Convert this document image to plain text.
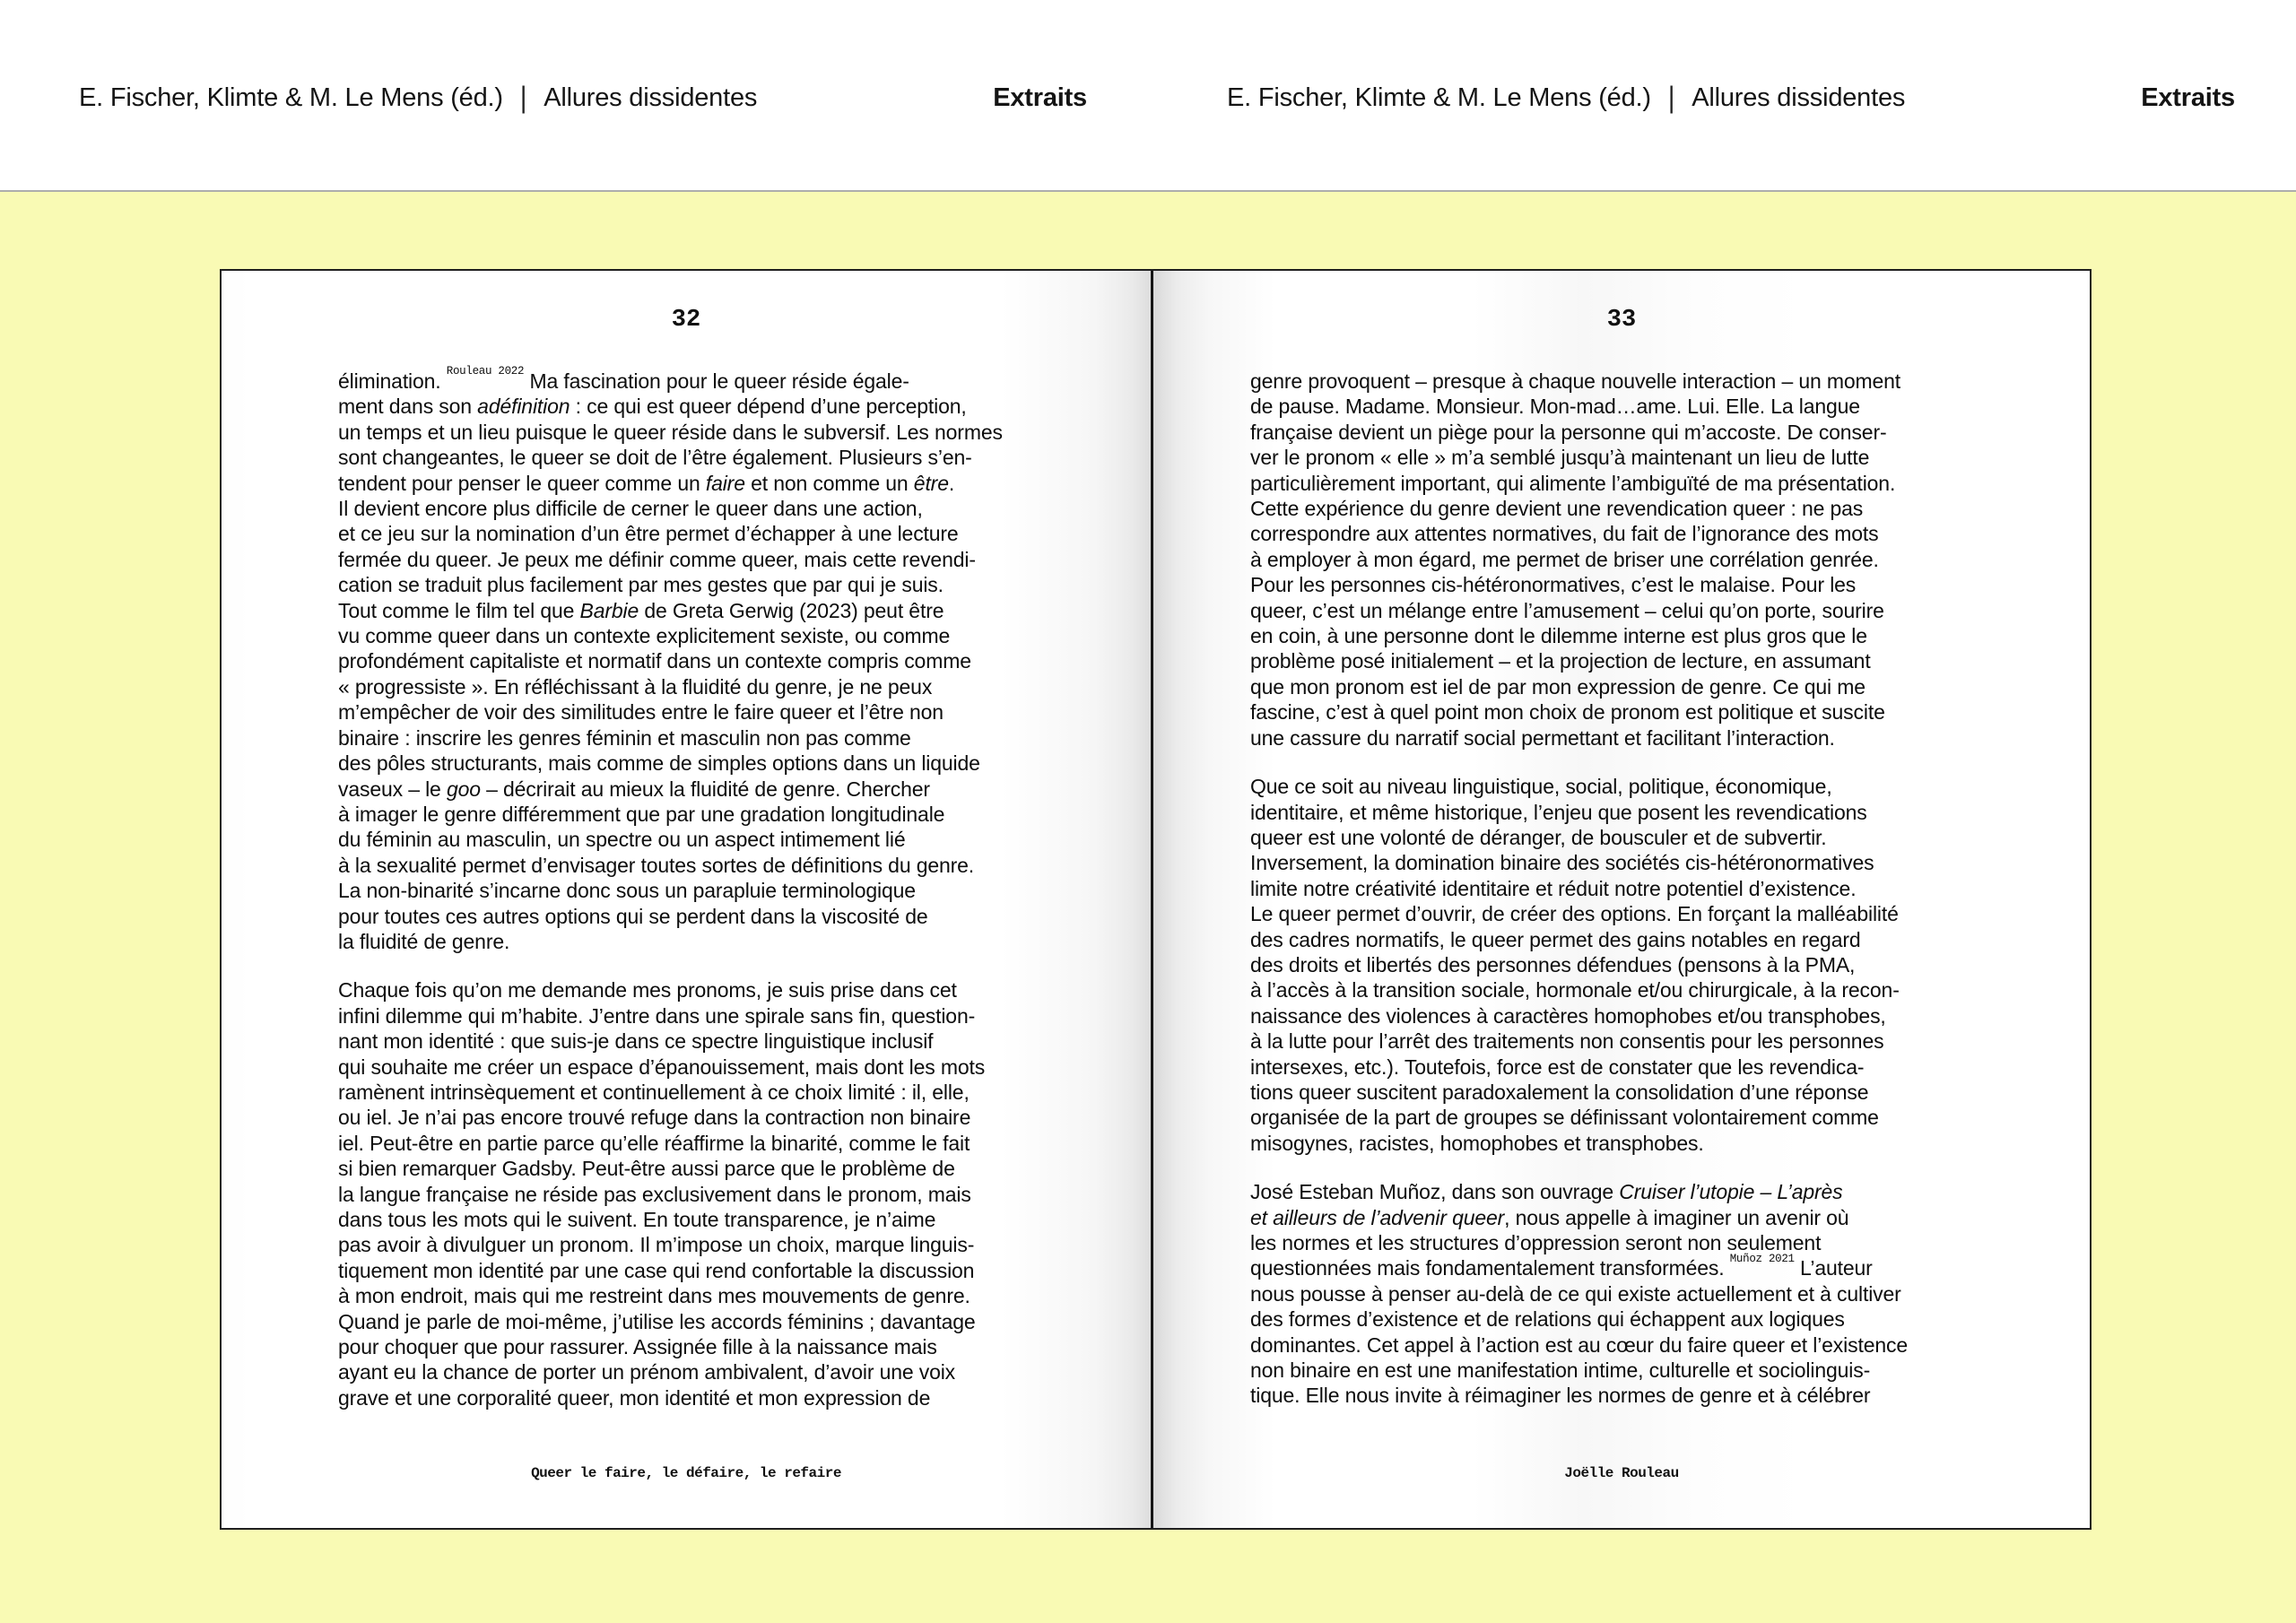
E. Fischer, Klimte & M. Le Mens (éd.) | Allures dissidentes	Extraits	E. Fischer, Klimte & M. Le Mens (éd.) | Allures dissidentes	Extraits
32
élimination. $^{Rouleau 2022}$ Ma fascination pour le queer réside égale-
ment dans son adéfinition : ce qui est queer dépend d’une perception,
un temps et un lieu puisque le queer réside dans le subversif. Les normes
sont changeantes, le queer se doit de l’être également. Plusieurs s’en-
tendent pour penser le queer comme un faire et non comme un être.
Il devient encore plus difficile de cerner le queer dans une action,
et ce jeu sur la nomination d’un être permet d’échapper à une lecture
fermée du queer. Je peux me définir comme queer, mais cette revendi-
cation se traduit plus facilement par mes gestes que par qui je suis.
Tout comme le film tel que Barbie de Greta Gerwig (2023) peut être
vu comme queer dans un contexte explicitement sexiste, ou comme
profondément capitaliste et normatif dans un contexte compris comme
« progressiste ». En réfléchissant à la fluidité du genre, je ne peux
m’empêcher de voir des similitudes entre le faire queer et l’être non
binaire : inscrire les genres féminin et masculin non pas comme
des pôles structurants, mais comme de simples options dans un liquide
vaseux – le goo – décrirait au mieux la fluidité de genre. Chercher
à imager le genre différemment que par une gradation longitudinale
du féminin au masculin, un spectre ou un aspect intimement lié
à la sexualité permet d’envisager toutes sortes de définitions du genre.
La non-binarité s’incarne donc sous un parapluie terminologique
pour toutes ces autres options qui se perdent dans la viscosité de
la fluidité de genre.
Chaque fois qu’on me demande mes pronoms, je suis prise dans cet
infini dilemme qui m’habite. J’entre dans une spirale sans fin, question-
nant mon identité : que suis-je dans ce spectre linguistique inclusif
qui souhaite me créer un espace d’épanouissement, mais dont les mots
ramènent intrinsèquement et continuellement à ce choix limité : il, elle,
ou iel. Je n’ai pas encore trouvé refuge dans la contraction non binaire
iel. Peut-être en partie parce qu’elle réaffirme la binarité, comme le fait
si bien remarquer Gadsby. Peut-être aussi parce que le problème de
la langue française ne réside pas exclusivement dans le pronom, mais
dans tous les mots qui le suivent. En toute transparence, je n’aime
pas avoir à divulguer un pronom. Il m’impose un choix, marque linguis-
tiquement mon identité par une case qui rend confortable la discussion
à mon endroit, mais qui me restreint dans mes mouvements de genre.
Quand je parle de moi-même, j’utilise les accords féminins ; davantage
pour choquer que pour rassurer. Assignée fille à la naissance mais
ayant eu la chance de porter un prénom ambivalent, d’avoir une voix
grave et une corporalité queer, mon identité et mon expression de
Queer le faire, le défaire, le refaire
33
genre provoquent – presque à chaque nouvelle interaction – un moment
de pause. Madame. Monsieur. Mon-mad…ame. Lui. Elle. La langue
française devient un piège pour la personne qui m’accoste. De conser-
ver le pronom « elle » m’a semblé jusqu’à maintenant un lieu de lutte
particulièrement important, qui alimente l’ambiguïté de ma présentation.
Cette expérience du genre devient une revendication queer : ne pas
correspondre aux attentes normatives, du fait de l’ignorance des mots
à employer à mon égard, me permet de briser une corrélation genrée.
Pour les personnes cis-hétéronormatives, c’est le malaise. Pour les
queer, c’est un mélange entre l’amusement – celui qu’on porte, sourire
en coin, à une personne dont le dilemme interne est plus gros que le
problème posé initialement – et la projection de lecture, en assumant
que mon pronom est iel de par mon expression de genre. Ce qui me
fascine, c’est à quel point mon choix de pronom est politique et suscite
une cassure du narratif social permettant et facilitant l’interaction.
Que ce soit au niveau linguistique, social, politique, économique,
identitaire, et même historique, l’enjeu que posent les revendications
queer est une volonté de déranger, de bousculer et de subvertir.
Inversement, la domination binaire des sociétés cis-hétéronormatives
limite notre créativité identitaire et réduit notre potentiel d’existence.
Le queer permet d’ouvrir, de créer des options. En forçant la malléabilité
des cadres normatifs, le queer permet des gains notables en regard
des droits et libertés des personnes défendues (pensons à la PMA,
à l’accès à la transition sociale, hormonale et/ou chirurgicale, à la recon-
naissance des violences à caractères homophobes et/ou transphobes,
à la lutte pour l’arrêt des traitements non consentis pour les personnes
intersexes, etc.). Toutefois, force est de constater que les revendica-
tions queer suscitent paradoxalement la consolidation d’une réponse
organisée de la part de groupes se définissant volontairement comme
misogynes, racistes, homophobes et transphobes.
José Esteban Muñoz, dans son ouvrage Cruiser l’utopie – L’après
et ailleurs de l’advenir queer, nous appelle à imaginer un avenir où
les normes et les structures d’oppression seront non seulement
questionnées mais fondamentalement transformées. $^{Muñoz 2021}$ L’auteur
nous pousse à penser au-delà de ce qui existe actuellement et à cultiver
des formes d’existence et de relations qui échappent aux logiques
dominantes. Cet appel à l’action est au cœur du faire queer et l’existence
non binaire en est une manifestation intime, culturelle et sociolinguis-
tique. Elle nous invite à réimaginer les normes de genre et à célébrer
Joëlle Rouleau
